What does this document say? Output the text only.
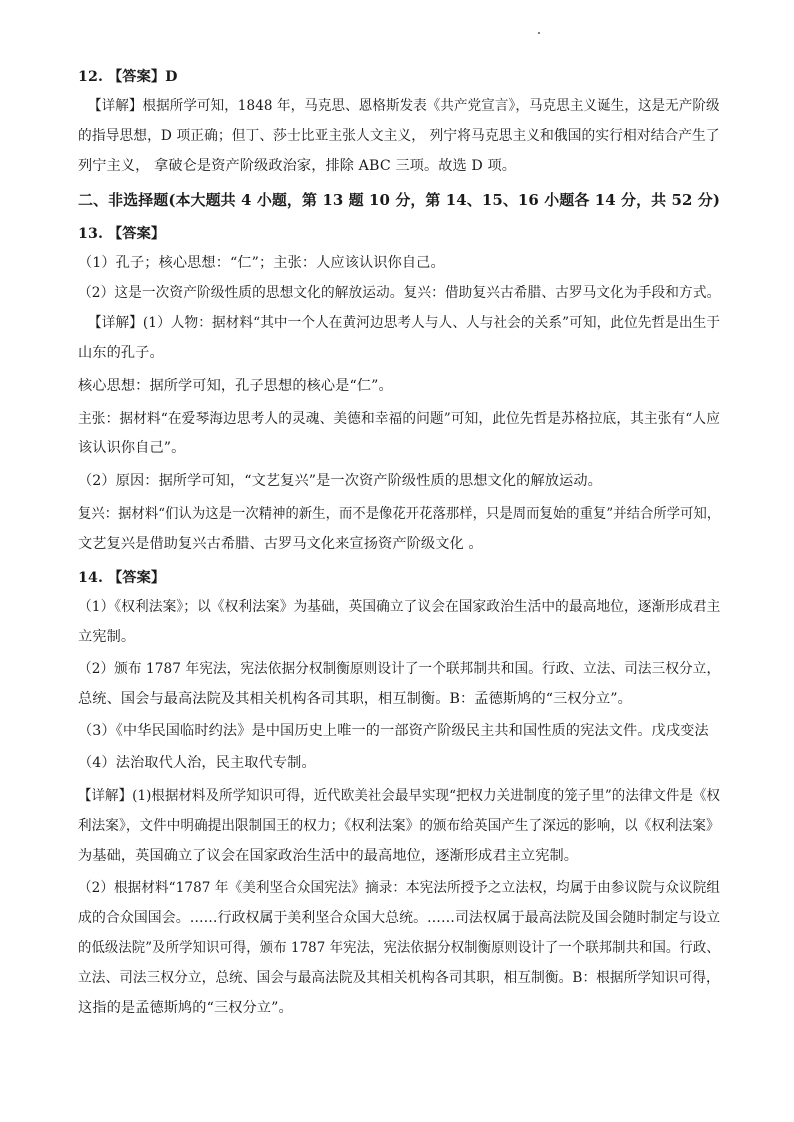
12. 【答案】D
【详解】根据所学可知，1848 年，马克思、恩格斯发表《共产党宣言》，马克思主义诞生，这是无产阶级
的指导思想，D 项正确；但丁、莎士比亚主张人文主义， 列宁将马克思主义和俄国的实行相对结合产生了
列宁主义， 拿破仑是资产阶级政治家，排除 ABC 三项。故选 D 项。
二、非选择题(本大题共 4 小题，第 13 题 10 分，第 14、15、16 小题各 14 分，共 52 分)
13. 【答案】
（1）孔子；核心思想：“仁”；主张：人应该认识你自己。
（2）这是一次资产阶级性质的思想文化的解放运动。复兴：借助复兴古希腊、古罗马文化为手段和方式。
【详解】(1）人物：据材料“其中一个人在黄河边思考人与人、人与社会的关系”可知，此位先哲是出生于
山东的孔子。
核心思想：据所学可知，孔子思想的核心是“仁”。
主张：据材料“在爱琴海边思考人的灵魂、美德和幸福的问题”可知，此位先哲是苏格拉底，其主张有“人应
该认识你自己”。
（2）原因：据所学可知，“文艺复兴”是一次资产阶级性质的思想文化的解放运动。
复兴：据材料“们认为这是一次精神的新生，而不是像花开花落那样，只是周而复始的重复”并结合所学可知，
文艺复兴是借助复兴古希腊、古罗马文化来宣扬资产阶级文化 。
14. 【答案】
（1）《权利法案》；以《权利法案》为基础，英国确立了议会在国家政治生活中的最高地位，逐渐形成君主
立宪制。
（2）颁布 1787 年宪法，宪法依据分权制衡原则设计了一个联邦制共和国。行政、立法、司法三权分立，
总统、国会与最高法院及其相关机构各司其职，相互制衡。B：孟德斯鸠的“三权分立”。
（3）《中华民国临时约法》是中国历史上唯一的一部资产阶级民主共和国性质的宪法文件。戊戌变法
（4）法治取代人治，民主取代专制。
【详解】(1)根据材料及所学知识可得，近代欧美社会最早实现“把权力关进制度的笼子里”的法律文件是《权
利法案》，文件中明确提出限制国王的权力；《权利法案》的颁布给英国产生了深远的影响，以《权利法案》
为基础，英国确立了议会在国家政治生活中的最高地位，逐渐形成君主立宪制。
（2）根据材料“1787 年《美利坚合众国宪法》摘录：本宪法所授予之立法权，均属于由参议院与众议院组
成的合众国国会。……行政权属于美利坚合众国大总统。……司法权属于最高法院及国会随时制定与设立
的低级法院”及所学知识可得，颁布 1787 年宪法，宪法依据分权制衡原则设计了一个联邦制共和国。行政、
立法、司法三权分立，总统、国会与最高法院及其相关机构各司其职，相互制衡。B：根据所学知识可得，
这指的是孟德斯鸠的“三权分立”。
